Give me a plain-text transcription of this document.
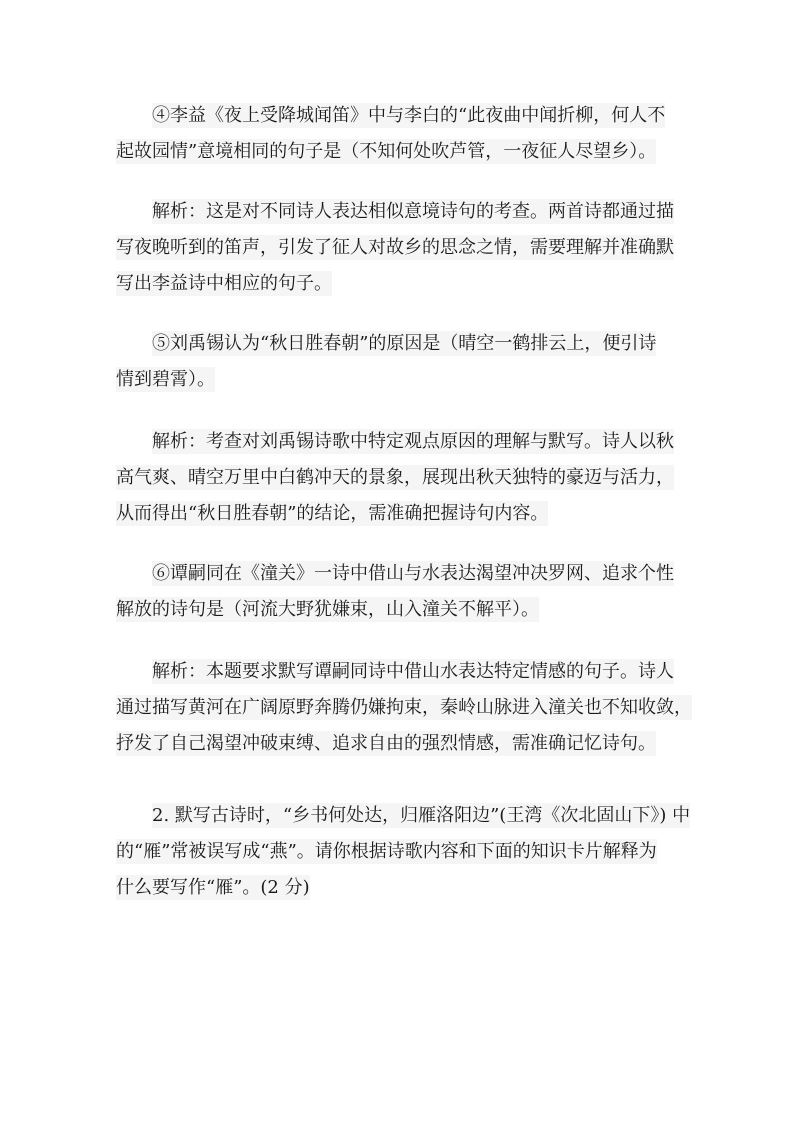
④李益《夜上受降城闻笛》中与李白的“此夜曲中闻折柳，何人不
起故园情”意境相同的句子是（不知何处吹芦管，一夜征人尽望乡）。
解析：这是对不同诗人表达相似意境诗句的考查。两首诗都通过描
写夜晚听到的笛声，引发了征人对故乡的思念之情，需要理解并准确默
写出李益诗中相应的句子。
⑤刘禹锡认为“秋日胜春朝”的原因是（晴空一鹤排云上，便引诗
情到碧霄）。
解析：考查对刘禹锡诗歌中特定观点原因的理解与默写。诗人以秋
高气爽、晴空万里中白鹤冲天的景象，展现出秋天独特的豪迈与活力，
从而得出“秋日胜春朝”的结论，需准确把握诗句内容。
⑥谭嗣同在《潼关》一诗中借山与水表达渴望冲决罗网、追求个性
解放的诗句是（河流大野犹嫌束，山入潼关不解平）。
解析：本题要求默写谭嗣同诗中借山水表达特定情感的句子。诗人
通过描写黄河在广阔原野奔腾仍嫌拘束，秦岭山脉进入潼关也不知收敛，
抒发了自己渴望冲破束缚、追求自由的强烈情感，需准确记忆诗句。
2. 默写古诗时，“乡书何处达，归雁洛阳边”(王湾《次北固山下》) 中
的“雁”常被误写成“燕”。请你根据诗歌内容和下面的知识卡片解释为
什么要写作“雁”。(2 分)
